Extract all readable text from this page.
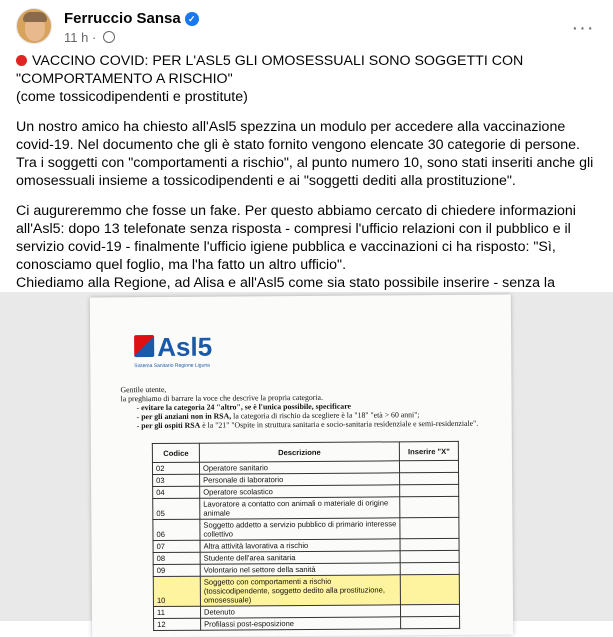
Ferruccio Sansa ✓
11 h ·	···

VACCINO COVID: PER L'ASL5 GLI OMOSESSUALI SONO SOGGETTI CON "COMPORTAMENTO A RISCHIO"
(come tossicodipendenti e prostitute)

Un nostro amico ha chiesto all'Asl5 spezzina un modulo per accedere alla vaccinazione covid-19. Nel documento che gli è stato fornito vengono elencate 30 categorie di persone. Tra i soggetti con "comportamenti a rischio", al punto numero 10, sono stati inseriti anche gli omosessuali insieme a tossicodipendenti e ai "soggetti dediti alla prostituzione".

Ci augureremmo che fosse un fake. Per questo abbiamo cercato di chiedere informazioni all'Asl5: dopo 13 telefonate senza risposta - compresi l'ufficio relazioni con il pubblico e il servizio covid-19 - finalmente l'ufficio igiene pubblica e vaccinazioni ci ha risposto: "Sì, conosciamo quel foglio, ma l'ha fatto un altro ufficio".
Chiediamo alla Regione, ad Alisa e all'Asl5 come sia stato possibile inserire - senza la

Asl5
Sistema Sanitario Regione Liguria
Gentile utente,
la preghiamo di barrare la voce che descrive la propria categoria.
- evitare la categoria 24 "altro", se è l'unica possibile, specificare
- per gli anziani non in RSA, la categoria di rischio da scegliere è la "18" "età > 60 anni";
- per gli ospiti RSA è la "21" "Ospite in struttura sanitaria e socio-sanitaria residenziale e semi-residenziale".
Codice	Descrizione	Inserire "X"
02	Operatore sanitario	
03	Personale di laboratorio	
04	Operatore scolastico	
05	Lavoratore a contatto con animali o materiale di origine animale	
06	Soggetto addetto a servizio pubblico di primario interesse collettivo	
07	Altra attività lavorativa a rischio	
08	Studente dell'area sanitaria	
09	Volontario nel settore della sanità	
10	Soggetto con comportamenti a rischio (tossicodipendente, soggetto dedito alla prostituzione, omosessuale)	
11	Detenuto	
12	Profilassi post-esposizione	
